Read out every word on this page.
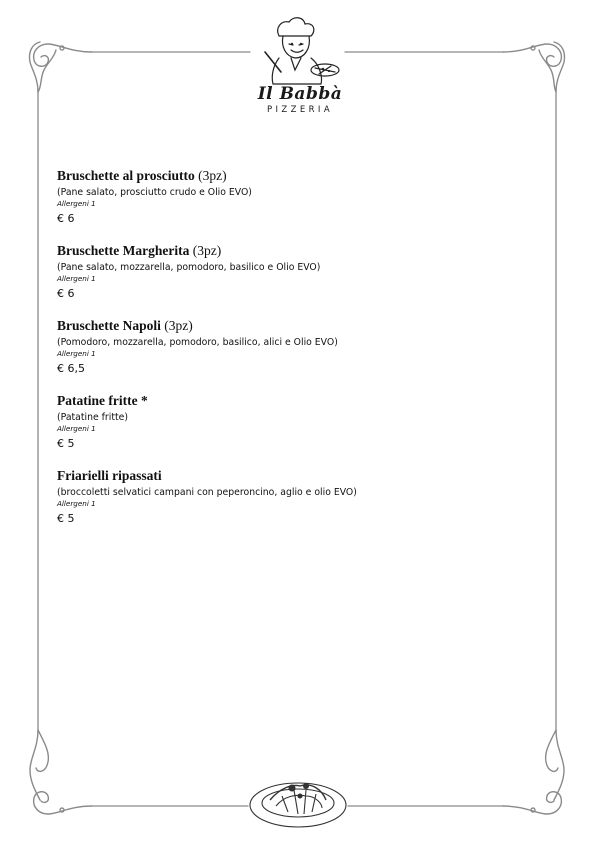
Il Babbà
PIZZERIA
Bruschette al prosciutto (3pz)
(Pane salato, prosciutto crudo e Olio EVO)
Allergeni 1
€ 6
Bruschette Margherita (3pz)
(Pane salato, mozzarella, pomodoro, basilico e Olio EVO)
Allergeni 1
€ 6
Bruschette Napoli (3pz)
(Pomodoro, mozzarella, pomodoro, basilico, alici e Olio EVO)
Allergeni 1
€ 6,5
Patatine fritte *
(Patatine fritte)
Allergeni 1
€ 5
Friarielli ripassati
(broccoletti selvatici campani con peperoncino, aglio e olio EVO)
Allergeni 1
€ 5
